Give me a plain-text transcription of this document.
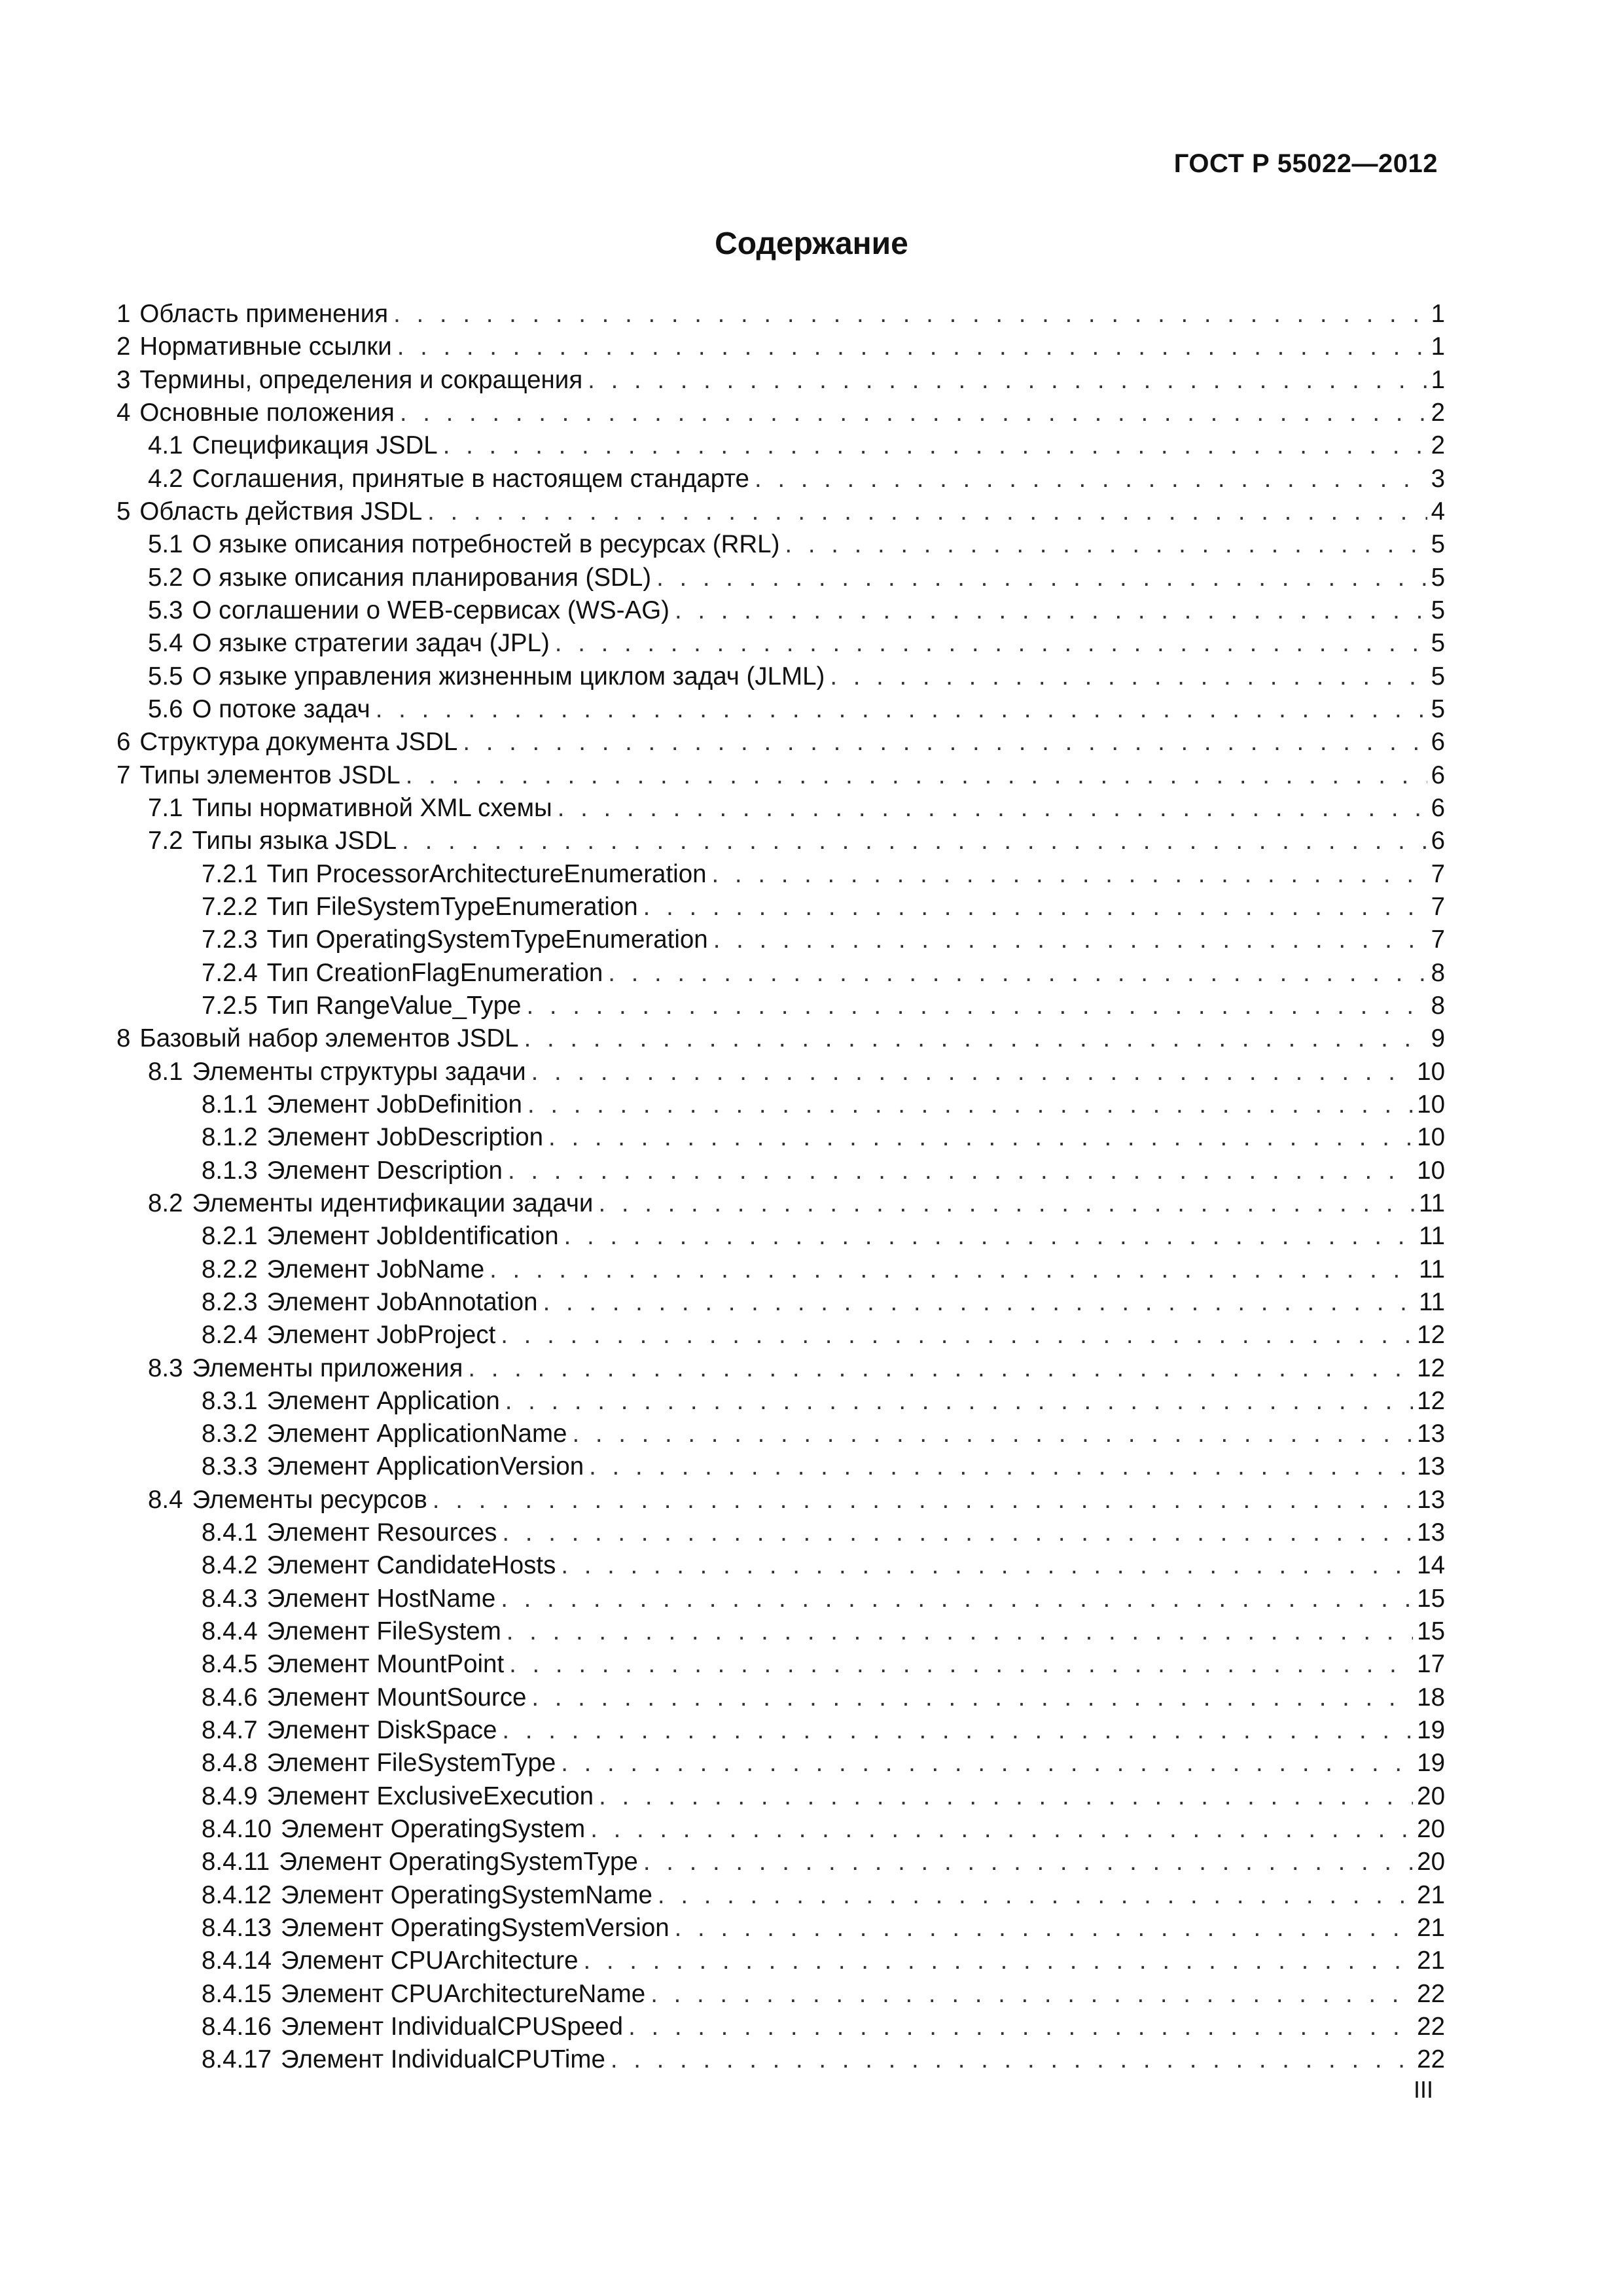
ГОСТ Р 55022—2012
Содержание
1 Область применения . . .	1
2 Нормативные ссылки . . .	1
3 Термины, определения и сокращения . . .	1
4 Основные положения . . .	2
4.1 Спецификация JSDL . . .	2
4.2 Соглашения, принятые в настоящем стандарте . . .	3
5 Область действия JSDL . . .	4
5.1 О языке описания потребностей в ресурсах (RRL) . . .	5
5.2 О языке описания планирования (SDL) . . .	5
5.3 О соглашении о WEB-сервисах (WS-AG) . . .	5
5.4 О языке стратегии задач (JPL) . . .	5
5.5 О языке управления жизненным циклом задач (JLML) . . .	5
5.6 О потоке задач . . .	5
6 Структура документа JSDL . . .	6
7 Типы элементов JSDL . . .	6
7.1 Типы нормативной XML схемы . . .	6
7.2 Типы языка JSDL . . .	6
7.2.1 Тип ProcessorArchitectureEnumeration . . .	7
7.2.2 Тип FileSystemTypeEnumeration . . .	7
7.2.3 Тип OperatingSystemTypeEnumeration . . .	7
7.2.4 Тип CreationFlagEnumeration . . .	8
7.2.5 Тип RangeValue_Type . . .	8
8 Базовый набор элементов JSDL . . .	9
8.1 Элементы структуры задачи . . .	10
8.1.1 Элемент JobDefinition . . .	10
8.1.2 Элемент JobDescription . . .	10
8.1.3 Элемент Description . . .	10
8.2 Элементы идентификации задачи . . .	11
8.2.1 Элемент JobIdentification . . .	11
8.2.2 Элемент JobName . . .	11
8.2.3 Элемент JobAnnotation . . .	11
8.2.4 Элемент JobProject . . .	12
8.3 Элементы приложения . . .	12
8.3.1 Элемент Application . . .	12
8.3.2 Элемент ApplicationName . . .	13
8.3.3 Элемент ApplicationVersion . . .	13
8.4 Элементы ресурсов . . .	13
8.4.1 Элемент Resources . . .	13
8.4.2 Элемент CandidateHosts . . .	14
8.4.3 Элемент HostName . . .	15
8.4.4 Элемент FileSystem . . .	15
8.4.5 Элемент MountPoint . . .	17
8.4.6 Элемент MountSource . . .	18
8.4.7 Элемент DiskSpace . . .	19
8.4.8 Элемент FileSystemType . . .	19
8.4.9 Элемент ExclusiveExecution . . .	20
8.4.10 Элемент OperatingSystem . . .	20
8.4.11 Элемент OperatingSystemType . . .	20
8.4.12 Элемент OperatingSystemName . . .	21
8.4.13 Элемент OperatingSystemVersion . . .	21
8.4.14 Элемент CPUArchitecture . . .	21
8.4.15 Элемент CPUArchitectureName . . .	22
8.4.16 Элемент IndividualCPUSpeed . . .	22
8.4.17 Элемент IndividualCPUTime . . .	22
III
